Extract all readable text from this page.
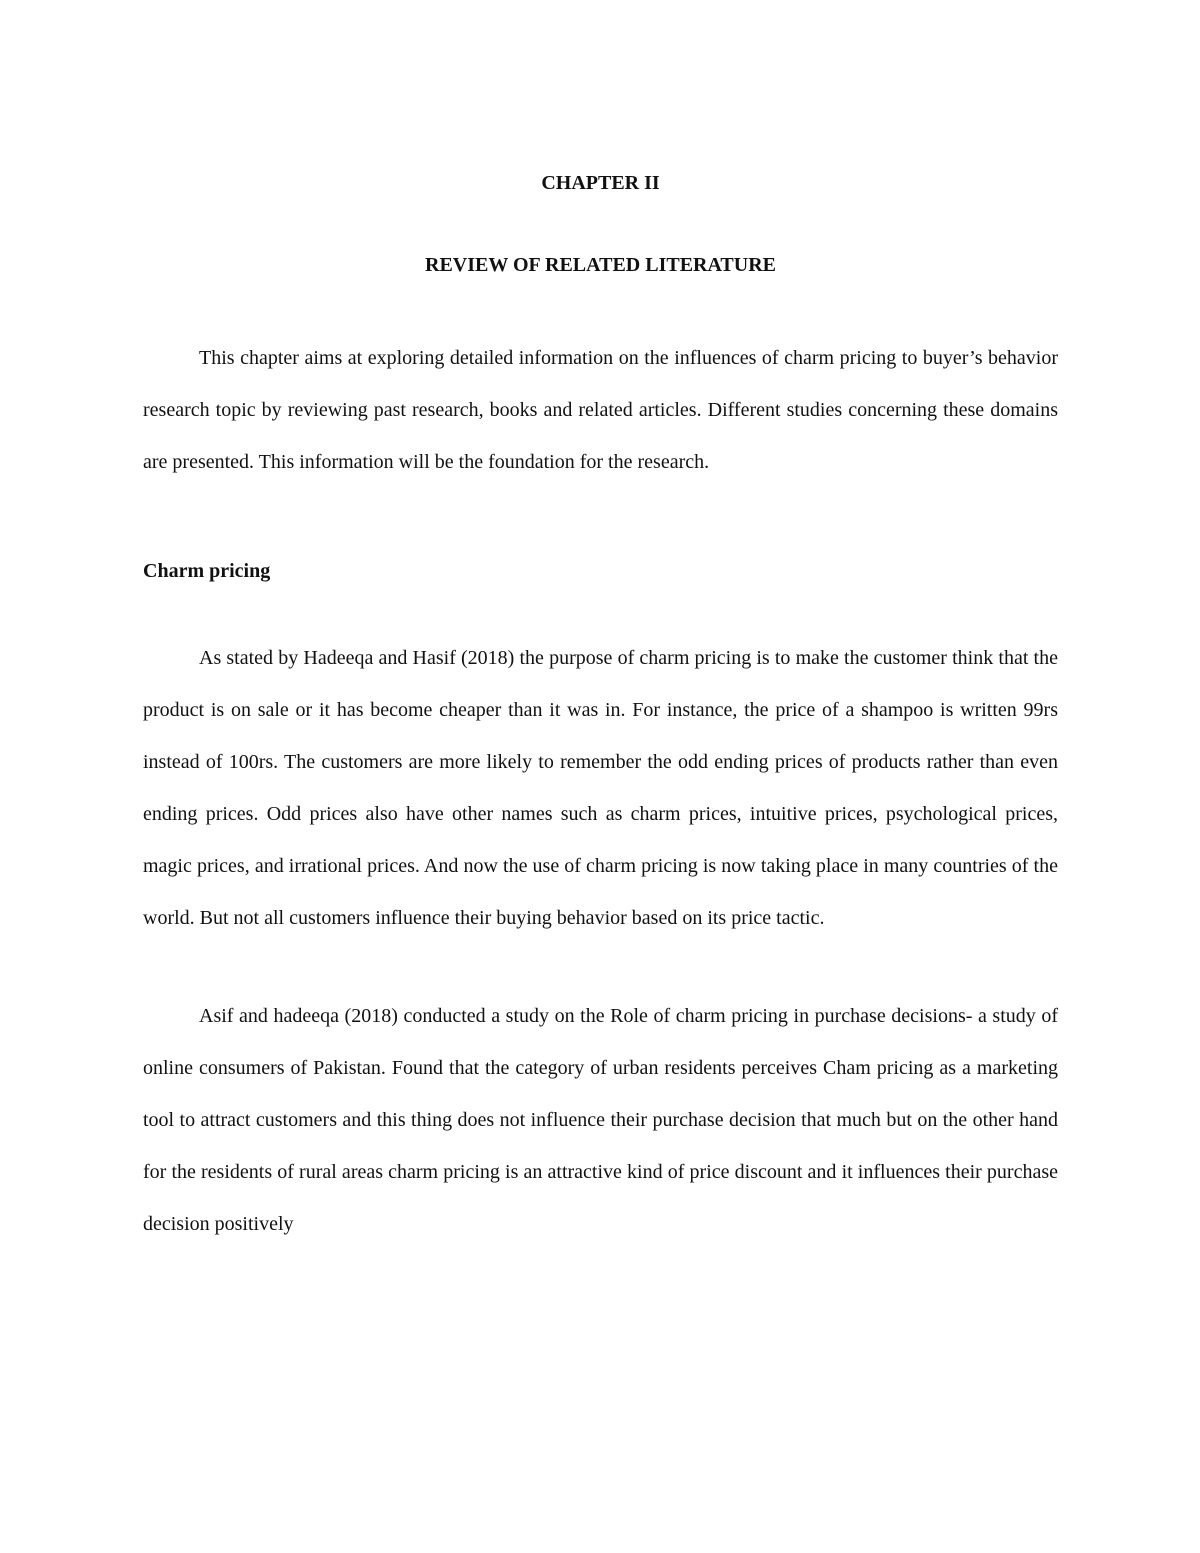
CHAPTER II
REVIEW OF RELATED LITERATURE

This chapter aims at exploring detailed information on the influences of charm pricing to buyer’s behavior research topic by reviewing past research, books and related articles. Different studies concerning these domains are presented. This information will be the foundation for the research.

Charm pricing

As stated by Hadeeqa and Hasif (2018) the purpose of charm pricing is to make the customer think that the product is on sale or it has become cheaper than it was in. For instance, the price of a shampoo is written 99rs instead of 100rs. The customers are more likely to remember the odd ending prices of products rather than even ending prices. Odd prices also have other names such as charm prices, intuitive prices, psychological prices, magic prices, and irrational prices. And now the use of charm pricing is now taking place in many countries of the world. But not all customers influence their buying behavior based on its price tactic.

Asif and hadeeqa (2018) conducted a study on the Role of charm pricing in purchase decisions- a study of online consumers of Pakistan. Found that the category of urban residents perceives Cham pricing as a marketing tool to attract customers and this thing does not influence their purchase decision that much but on the other hand for the residents of rural areas charm pricing is an attractive kind of price discount and it influences their purchase decision positively
